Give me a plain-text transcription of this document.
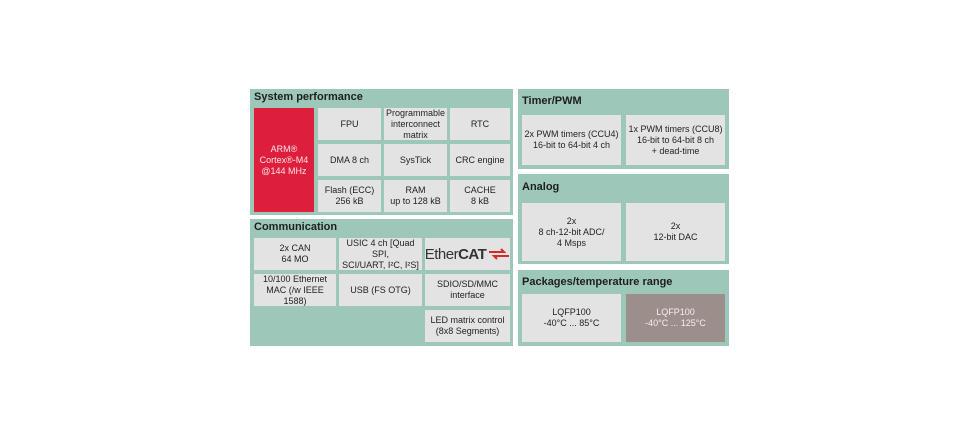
System performance
ARM®
Cortex®-M4
@144 MHz
FPU
Programmable
interconnect
matrix
RTC
DMA 8 ch	SysTick	CRC engine
Flash (ECC)
256 kB
RAM
up to 128 kB
CACHE
8 kB
Communication
2x CAN
64 MO
USIC 4 ch [Quad SPI,
SCI/UART, I²C, I²S]
EtherCAT
10/100 Ethernet
MAC (/w IEEE 1588)
USB (FS OTG)
SDIO/SD/MMC
interface
LED matrix control
(8x8 Segments)
Timer/PWM
2x PWM timers (CCU4)
16-bit to 64-bit 4 ch
1x PWM timers (CCU8)
16-bit to 64-bit 8 ch
+ dead-time
Analog
2x
8 ch-12-bit ADC/
4 Msps
2x
12-bit DAC
Packages/temperature range
LQFP100
-40°C ... 85°C
LQFP100
-40°C ... 125°C
